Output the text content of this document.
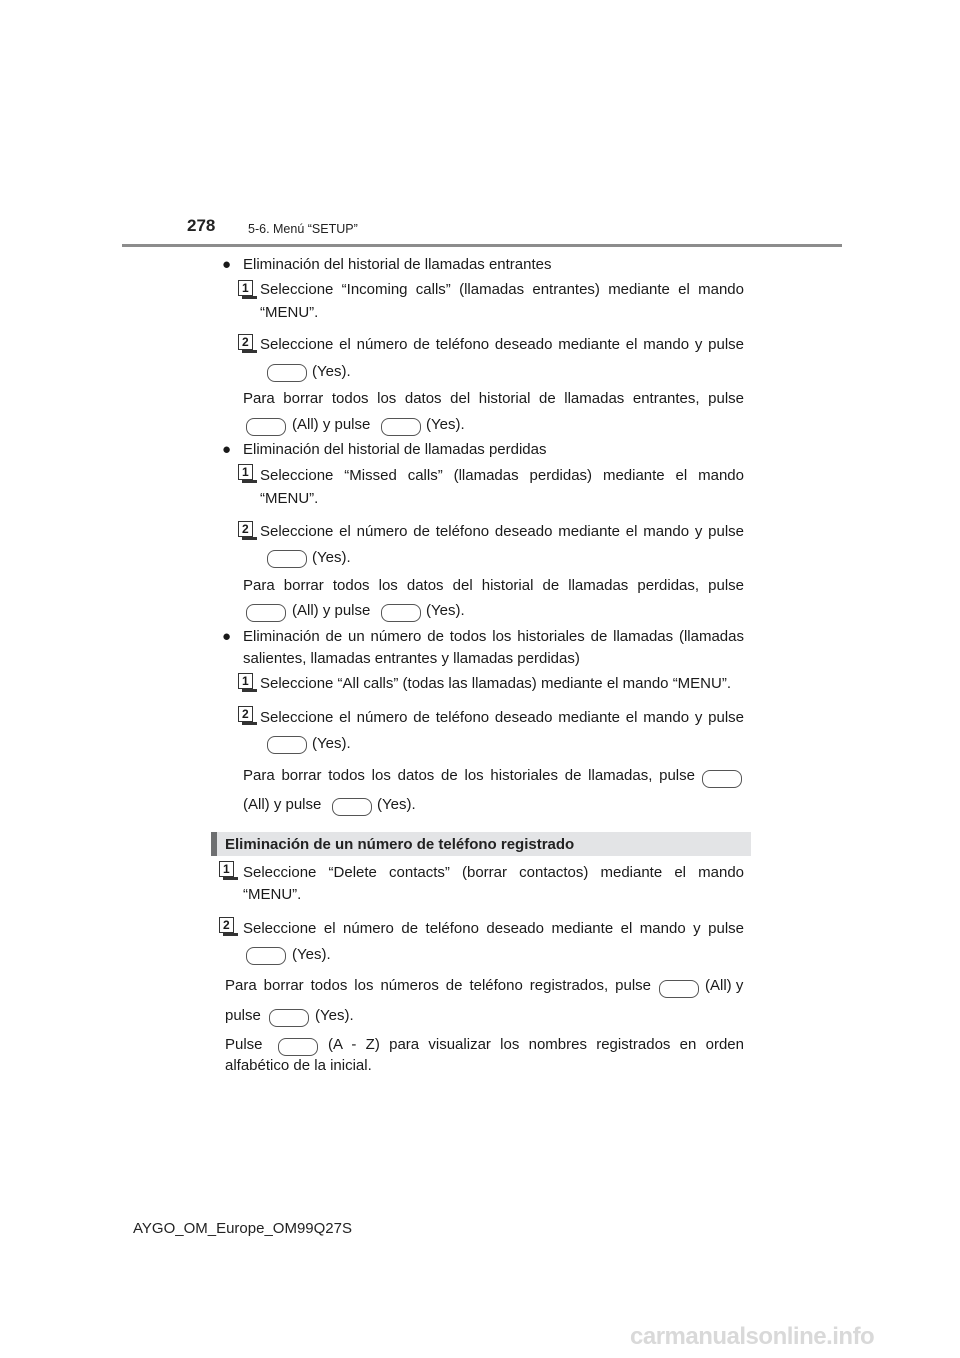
278	5-6. Menú “SETUP”
● Eliminación del historial de llamadas entrantes
1 Seleccione “Incoming calls” (llamadas entrantes) mediante el mando
“MENU”.
2 Seleccione el número de teléfono deseado mediante el mando y pulse
(Yes).
Para borrar todos los datos del historial de llamadas entrantes, pulse
(All) y pulse	(Yes).
● Eliminación del historial de llamadas perdidas
1 Seleccione “Missed calls” (llamadas perdidas) mediante el mando
“MENU”.
2 Seleccione el número de teléfono deseado mediante el mando y pulse
(Yes).
Para borrar todos los datos del historial de llamadas perdidas, pulse
(All) y pulse	(Yes).
● Eliminación de un número de todos los historiales de llamadas (llamadas
salientes, llamadas entrantes y llamadas perdidas)
1 Seleccione “All calls” (todas las llamadas) mediante el mando “MENU”.
2 Seleccione el número de teléfono deseado mediante el mando y pulse
(Yes).
Para borrar todos los datos de los historiales de llamadas, pulse
(All) y pulse	(Yes).
Eliminación de un número de teléfono registrado
1 Seleccione “Delete contacts” (borrar contactos) mediante el mando
“MENU”.
2 Seleccione el número de teléfono deseado mediante el mando y pulse
(Yes).
Para borrar todos los números de teléfono registrados, pulse	(All) y
pulse	(Yes).
Pulse	(A - Z) para visualizar los nombres registrados en orden
alfabético de la inicial.
AYGO_OM_Europe_OM99Q27S
carmanualsonline.info
